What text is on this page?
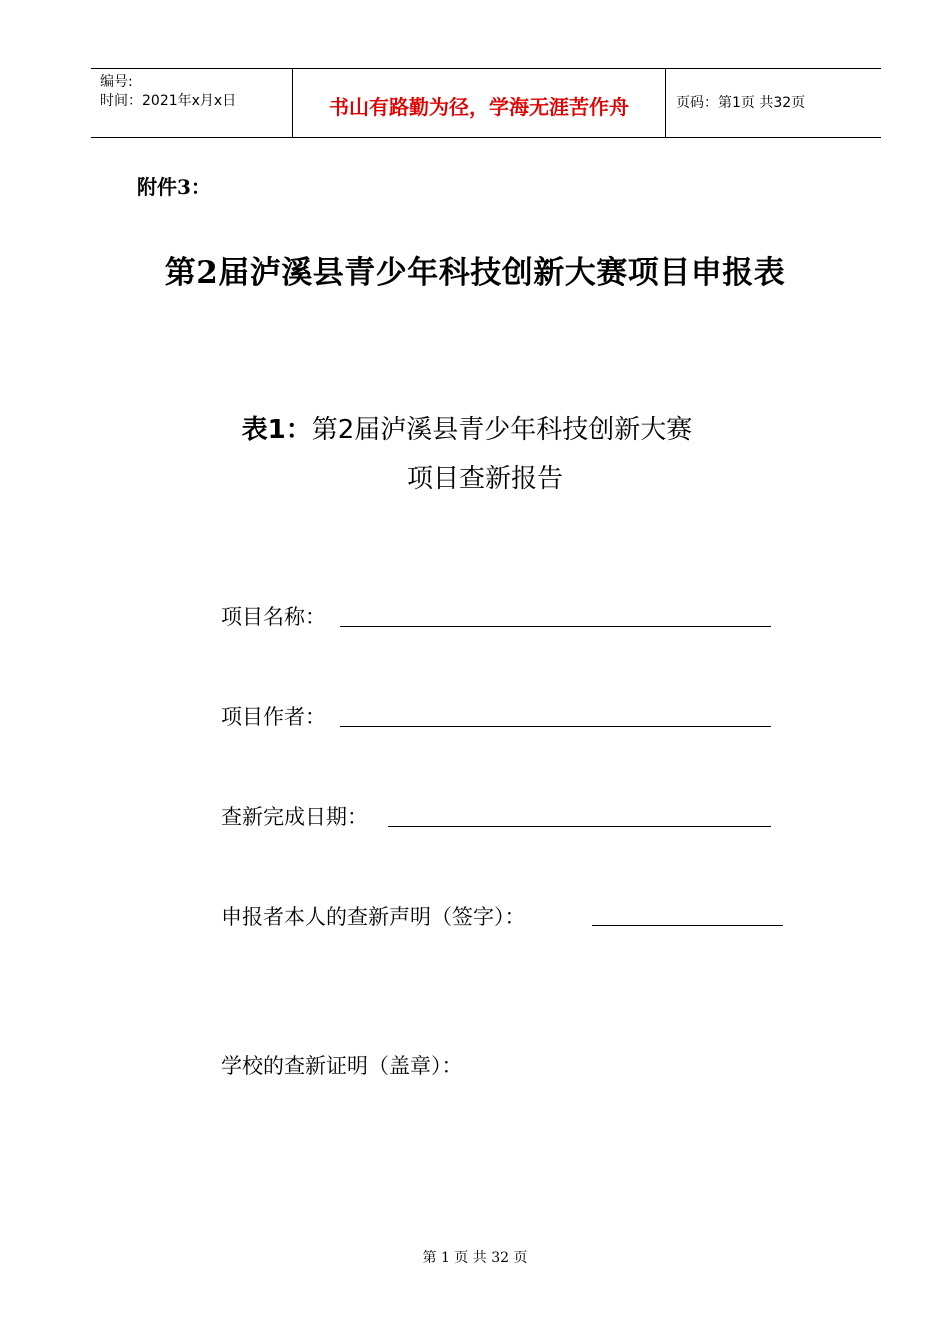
编号:
时间：2021年x月x日	书山有路勤为径，学海无涯苦作舟	页码：第1页 共32页
附件3：
第2届泸溪县青少年科技创新大赛项目申报表
表1：第2届泸溪县青少年科技创新大赛
项目查新报告
项目名称：
项目作者：
查新完成日期：
申报者本人的查新声明（签字）：
学校的查新证明（盖章）：
第 1 页 共 32 页
